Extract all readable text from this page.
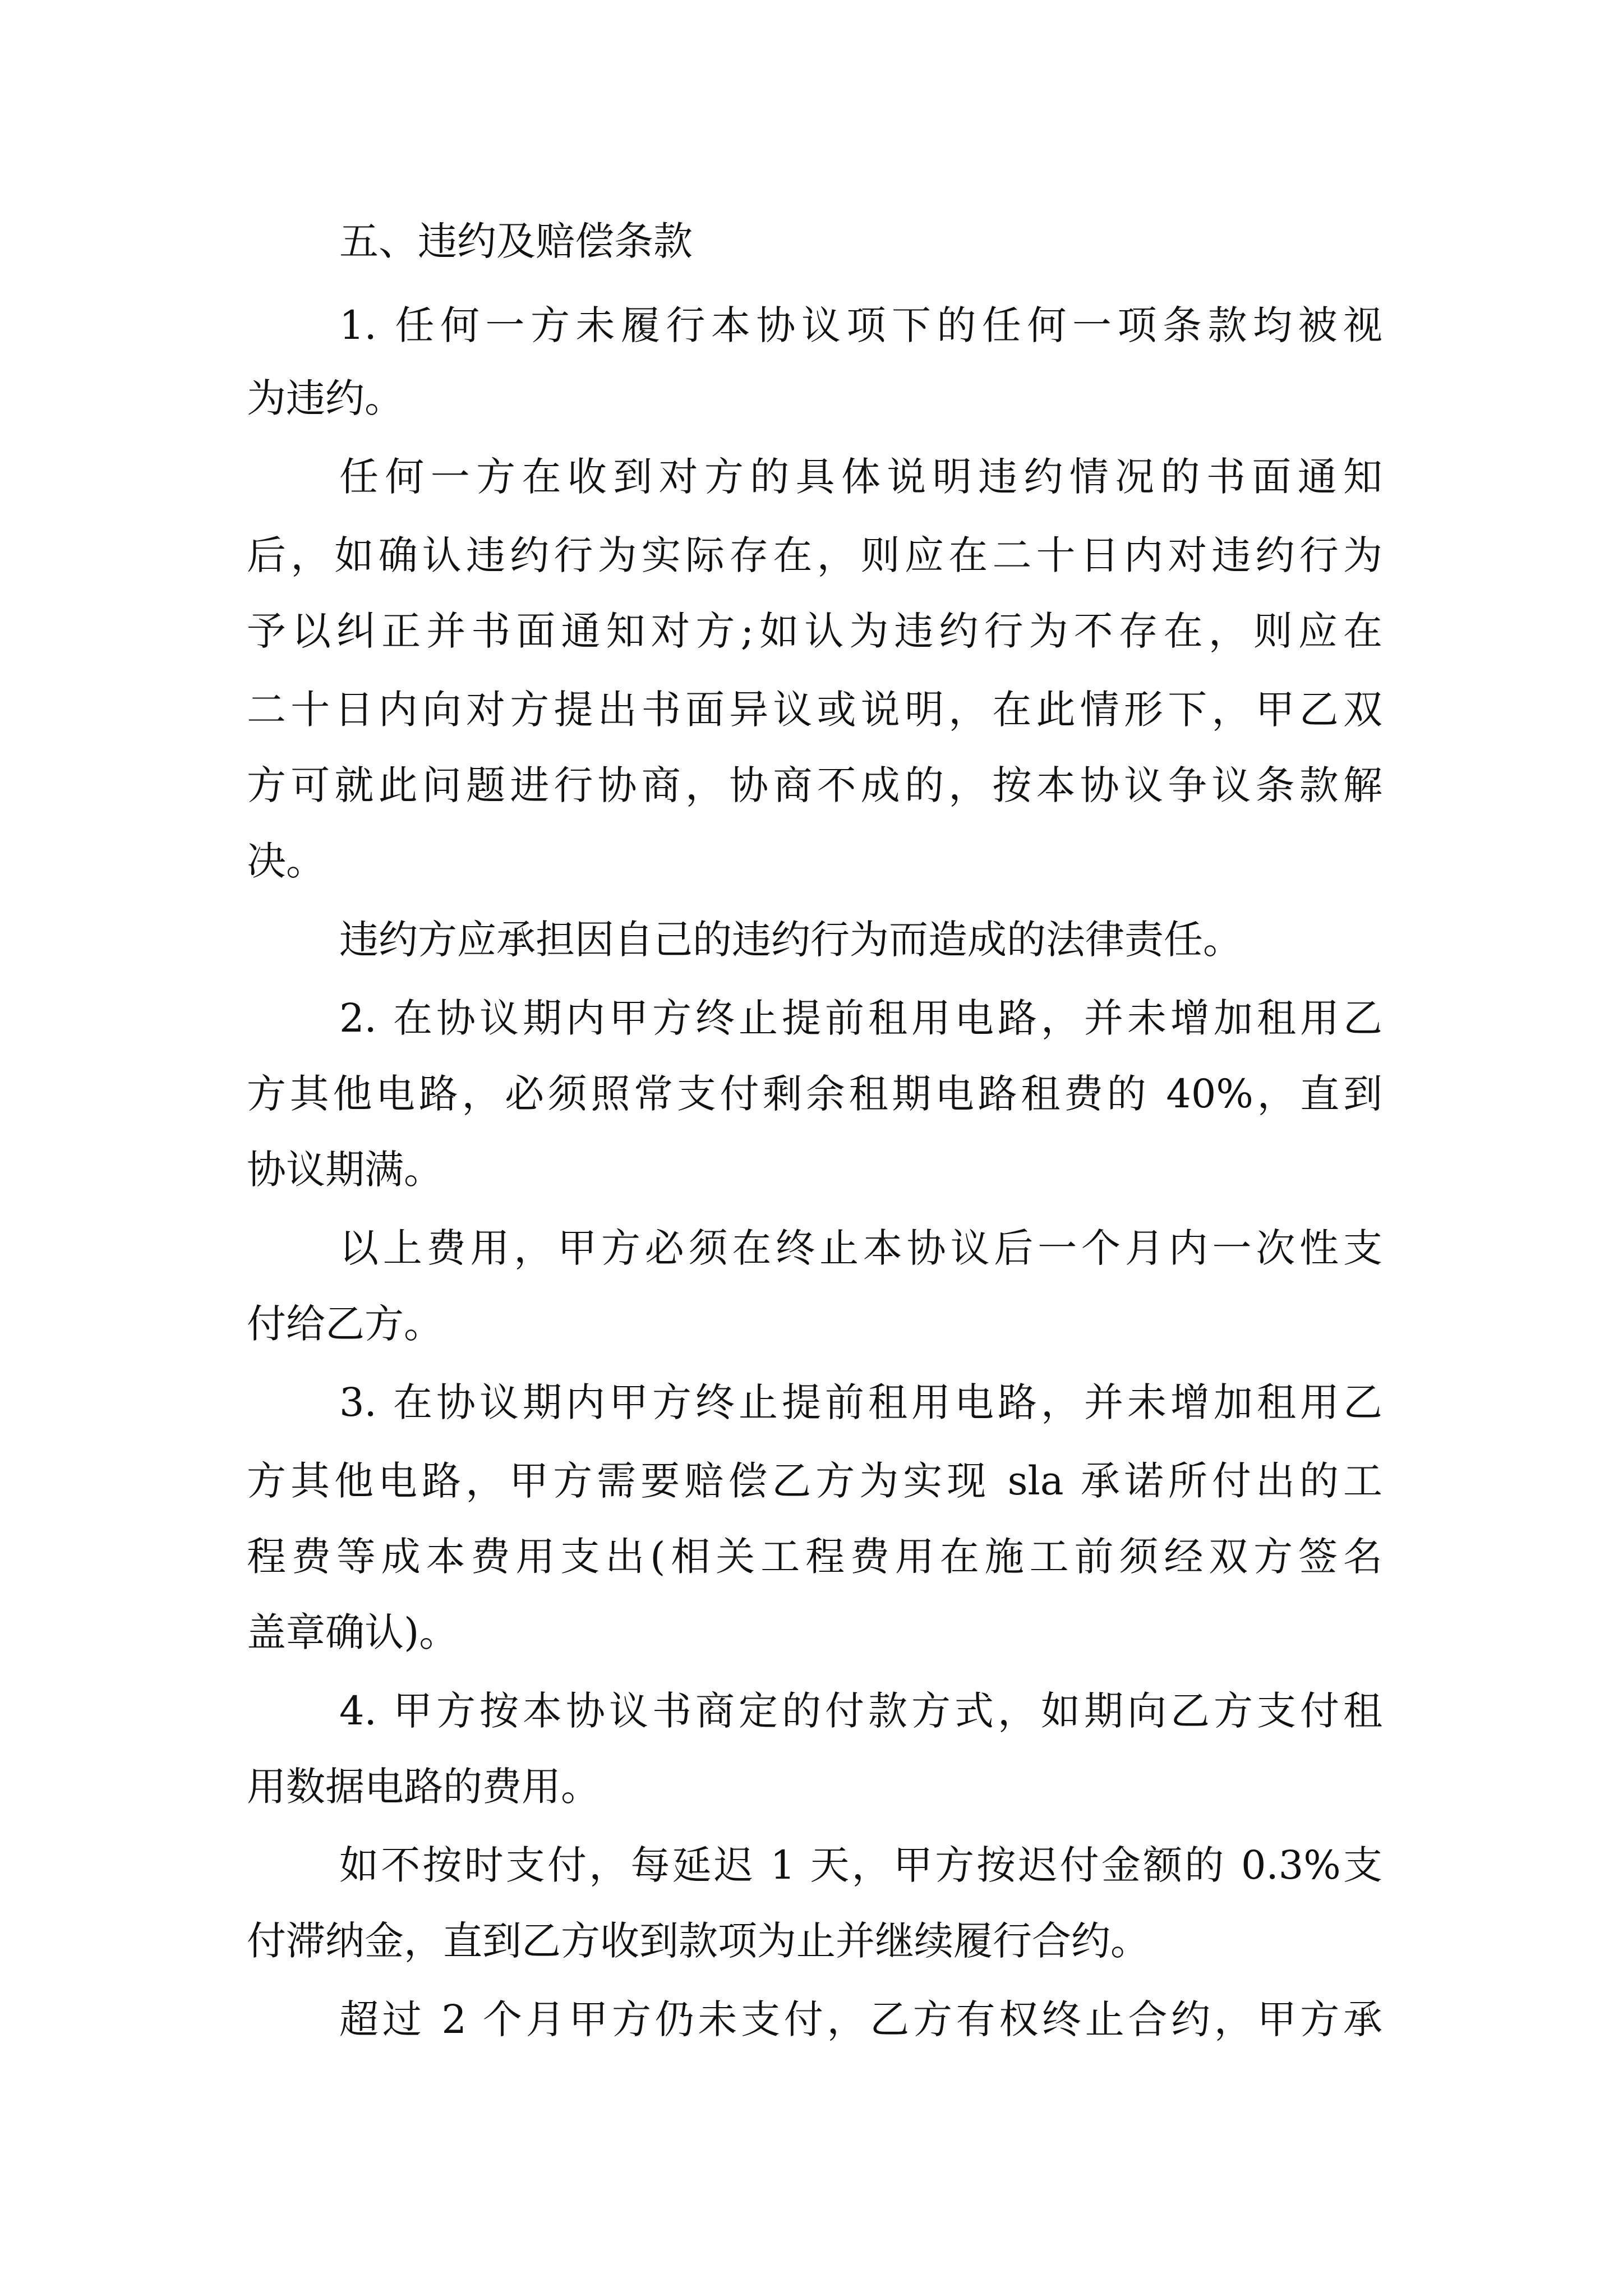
五、违约及赔偿条款
1. 任何一方未履行本协议项下的任何一项条款均被视
为违约。
任何一方在收到对方的具体说明违约情况的书面通知
后，如确认违约行为实际存在，则应在二十日内对违约行为
予以纠正并书面通知对方;如认为违约行为不存在，则应在
二十日内向对方提出书面异议或说明，在此情形下，甲乙双
方可就此问题进行协商，协商不成的，按本协议争议条款解
决。
违约方应承担因自己的违约行为而造成的法律责任。
2. 在协议期内甲方终止提前租用电路，并未增加租用乙
方其他电路，必须照常支付剩余租期电路租费的 40%，直到
协议期满。
以上费用，甲方必须在终止本协议后一个月内一次性支
付给乙方。
3. 在协议期内甲方终止提前租用电路，并未增加租用乙
方其他电路，甲方需要赔偿乙方为实现 sla 承诺所付出的工
程费等成本费用支出(相关工程费用在施工前须经双方签名
盖章确认)。
4. 甲方按本协议书商定的付款方式，如期向乙方支付租
用数据电路的费用。
如不按时支付，每延迟 1 天，甲方按迟付金额的 0.3%支
付滞纳金，直到乙方收到款项为止并继续履行合约。
超过 2 个月甲方仍未支付，乙方有权终止合约，甲方承
